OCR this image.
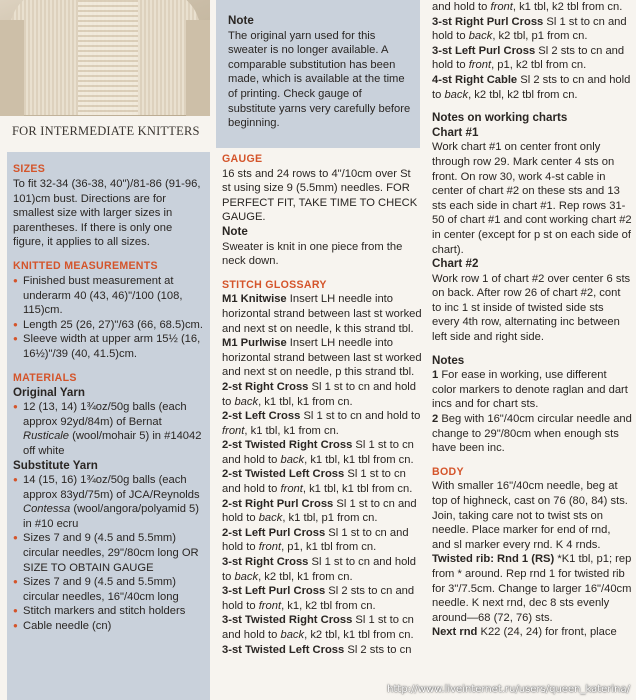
FOR INTERMEDIATE KNITTERS
SIZES

To fit 32-34 (36-38, 40")/81-86 (91-96, 101)cm bust. Directions are for smallest size with larger sizes in parentheses. If there is only one figure, it applies to all sizes.

KNITTED MEASUREMENTS

● Finished bust measurement at underarm 40 (43, 46)"/100 (108, 115)cm.

● Length 25 (26, 27)"/63 (66, 68.5)cm.

● Sleeve width at upper arm 15½ (16, 16½)"/39 (40, 41.5)cm.

MATERIALS

Original Yarn

● 12 (13, 14) 1¾oz/50g balls (each approx 92yd/84m) of Bernat Rusticale (wool/mohair 5) in #14042 off white

Substitute Yarn

● 14 (15, 16) 1¾oz/50g balls (each approx 83yd/75m) of JCA/Reynolds Contessa (wool/angora/polyamid 5) in #10 ecru

● Sizes 7 and 9 (4.5 and 5.5mm) circular needles, 29"/80cm long OR SIZE TO OBTAIN GAUGE

● Sizes 7 and 9 (4.5 and 5.5mm) circular needles, 16"/40cm long

● Stitch markers and stitch holders

● Cable needle (cn)

Note

The original yarn used for this sweater is no longer available. A comparable substitution has been made, which is available at the time of printing. Check gauge of substitute yarns very carefully before beginning.

GAUGE

16 sts and 24 rows to 4"/10cm over St st using size 9 (5.5mm) needles. FOR PERFECT FIT, TAKE TIME TO CHECK GAUGE.

Note

Sweater is knit in one piece from the neck down.

STITCH GLOSSARY

M1 Knitwise Insert LH needle into horizontal strand between last st worked and next st on needle, k this strand tbl.

M1 Purlwise Insert LH needle into horizontal strand between last st worked and next st on needle, p this strand tbl.

2-st Right Cross Sl 1 st to cn and hold to back, k1 tbl, k1 from cn.

2-st Left Cross Sl 1 st to cn and hold to front, k1 tbl, k1 from cn.

2-st Twisted Right Cross Sl 1 st to cn and hold to back, k1 tbl, k1 tbl from cn.

2-st Twisted Left Cross Sl 1 st to cn and hold to front, k1 tbl, k1 tbl from cn.

2-st Right Purl Cross Sl 1 st to cn and hold to back, k1 tbl, p1 from cn.

2-st Left Purl Cross Sl 1 st to cn and hold to front, p1, k1 tbl from cn.

3-st Right Cross Sl 1 st to cn and hold to back, k2 tbl, k1 from cn.

3-st Left Purl Cross Sl 2 sts to cn and hold to front, k1, k2 tbl from cn.

3-st Twisted Right Cross Sl 1 st to cn and hold to back, k2 tbl, k1 tbl from cn.

3-st Twisted Left Cross Sl 2 sts to cn

and hold to front, k1 tbl, k2 tbl from cn.

3-st Right Purl Cross Sl 1 st to cn and hold to back, k2 tbl, p1 from cn.

3-st Left Purl Cross Sl 2 sts to cn and hold to front, p1, k2 tbl from cn.

4-st Right Cable Sl 2 sts to cn and hold to back, k2 tbl, k2 tbl from cn.

Notes on working charts

Chart #1

Work chart #1 on center front only through row 29. Mark center 4 sts on front. On row 30, work 4-st cable in center of chart #2 on these sts and 13 sts each side in chart #1. Rep rows 31-50 of chart #1 and cont working chart #2 in center (except for p st on each side of chart).

Chart #2

Work row 1 of chart #2 over center 6 sts on back. After row 26 of chart #2, cont to inc 1 st inside of twisted side sts every 4th row, alternating inc between left side and right side.

Notes

1 For ease in working, use different color markers to denote raglan and dart incs and for chart sts.

2 Beg with 16"/40cm circular needle and change to 29"/80cm when enough sts have been inc.

BODY

With smaller 16"/40cm needle, beg at top of highneck, cast on 76 (80, 84) sts. Join, taking care not to twist sts on needle. Place marker for end of rnd, and sl marker every rnd. K 4 rnds.

Twisted rib: Rnd 1 (RS) *K1 tbl, p1; rep from * around. Rep rnd 1 for twisted rib for 3"/7.5cm. Change to larger 16"/40cm needle. K next rnd, dec 8 sts evenly around—68 (72, 76) sts.

Next rnd K22 (24, 24) for front, place

http://www.liveinternet.ru/users/queen_katerina/
